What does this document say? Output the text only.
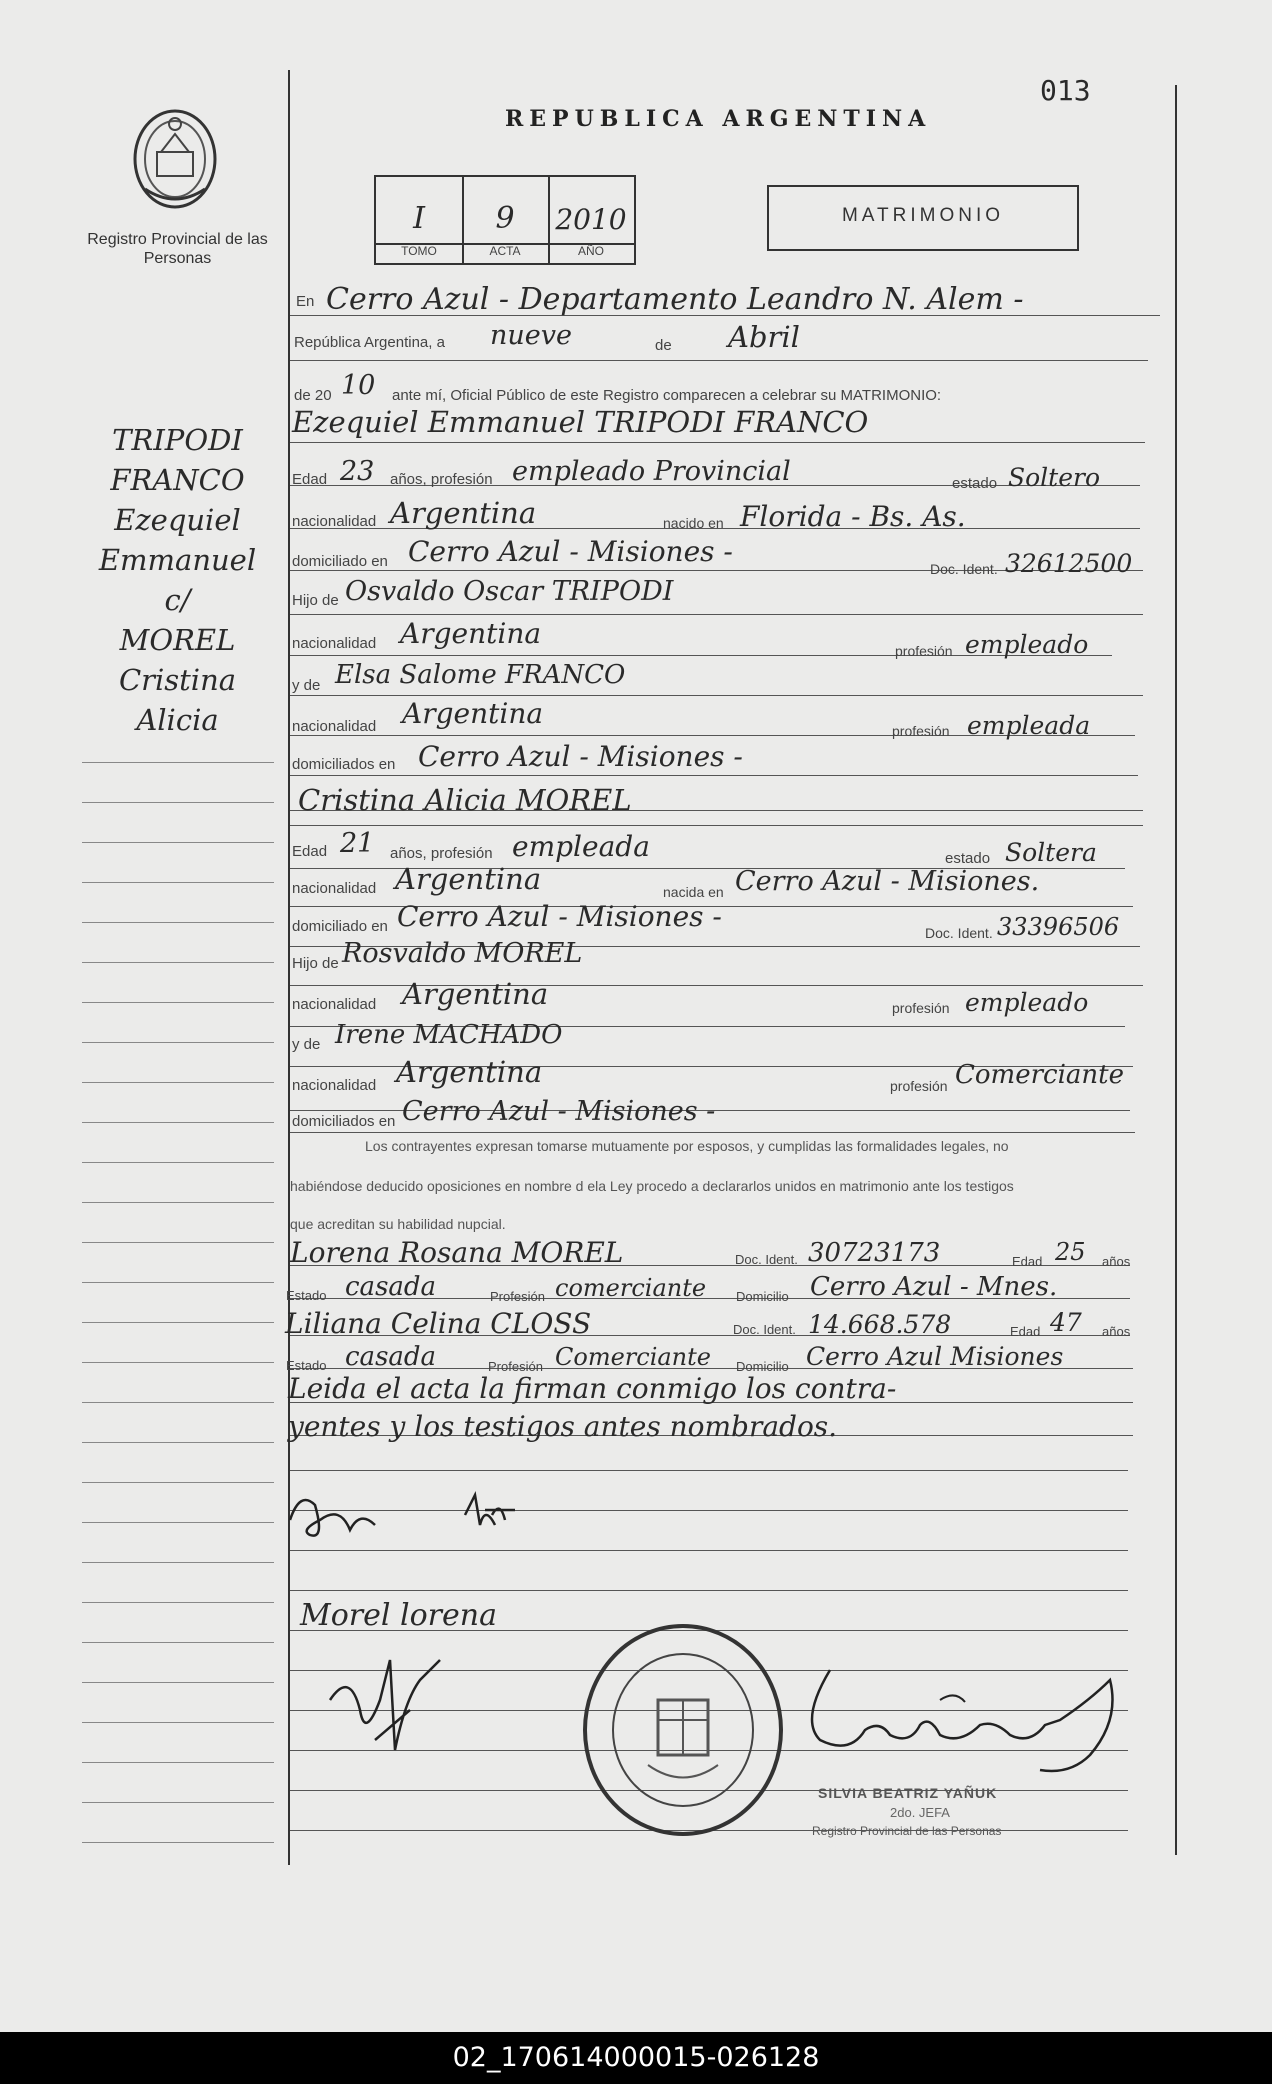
013
Registro Provincial de las Personas
REPUBLICA ARGENTINA
I	9	2010
TOMO	ACTA	AÑO
MATRIMONIO
TRIPODI
FRANCO
Ezequiel
Emmanuel
c/
MOREL
Cristina
Alicia
En Cerro Azul - Departamento Leandro N. Alem -
República Argentina, a nueve	de Abril
de 20 10 ante mí, Oficial Público de este Registro comparecen a celebrar su MATRIMONIO:
Ezequiel Emmanuel TRIPODI FRANCO
Edad 23 años, profesión empleado Provincial	estado Soltero
nacionalidad Argentina	nacido en Florida - Bs. As.
domiciliado en Cerro Azul - Misiones -
Doc. Ident. 32612500
Hijo de Osvaldo Oscar TRIPODI
nacionalidad Argentina
profesión empleado
y de Elsa Salome FRANCO
nacionalidad Argentina
profesión empleada
domiciliados en Cerro Azul - Misiones -
Cristina Alicia MOREL
Edad 21 años, profesión empleada	estado Soltera
nacionalidad Argentina	nacida en Cerro Azul - Misiones.
domiciliado en Cerro Azul - Misiones -	Doc. Ident. 33396506
Hijo de Rosvaldo MOREL
nacionalidad Argentina	profesión empleado
y de Irene MACHADO
nacionalidad Argentina	profesión Comerciante
domiciliados en Cerro Azul - Misiones -
Los contrayentes expresan tomarse mutuamente por esposos, y cumplidas las formalidades legales, no
habiéndose deducido oposiciones en nombre d ela Ley procedo a declararlos unidos en matrimonio ante los testigos
que acreditan su habilidad nupcial.
Lorena Rosana MOREL	Doc. Ident. 30723173	Edad 25 años
Estado casada	Profesión comerciante Domicilio Cerro Azul - Mnes.
Liliana Celina CLOSS	Doc. Ident. 14.668.578	Edad 47 años
Estado casada	Profesión Comerciante Domicilio Cerro Azul Misiones
Leida el acta la firman conmigo los contra-
yentes y los testigos antes nombrados.
Morel lorena
SILVIA BEATRIZ YAÑUK
2do. JEFA
Registro Provincial de las Personas
02_170614000015-026128
